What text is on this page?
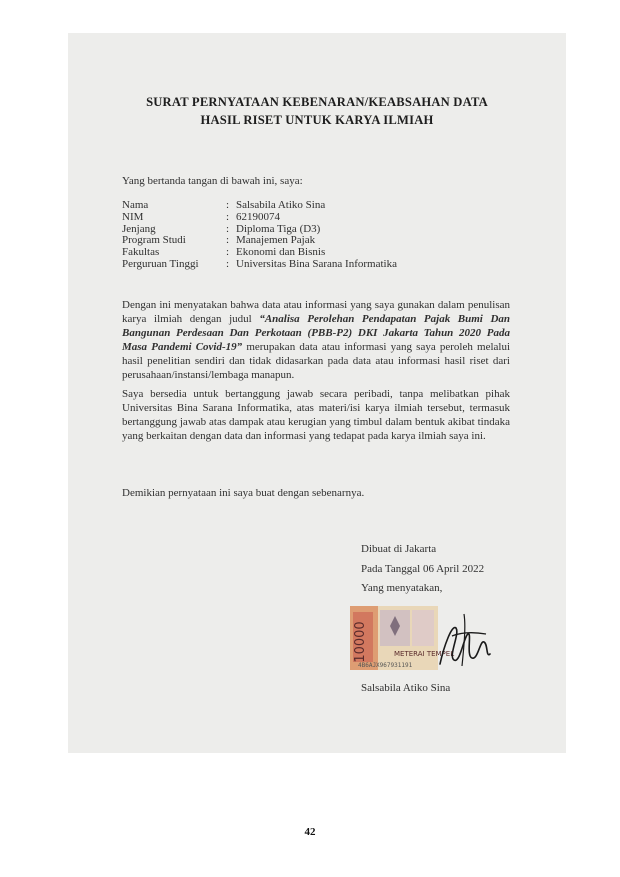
SURAT PERNYATAAN KEBENARAN/KEABSAHAN DATA
HASIL RISET UNTUK KARYA ILMIAH
Yang bertanda tangan di bawah ini, saya:
Nama	: Salsabila Atiko Sina
NIM	: 62190074
Jenjang	: Diploma Tiga (D3)
Program Studi	: Manajemen Pajak
Fakultas	: Ekonomi dan Bisnis
Perguruan Tinggi : Universitas Bina Sarana Informatika
Dengan ini menyatakan bahwa data atau informasi yang saya gunakan dalam penulisan karya ilmiah dengan judul “Analisa Perolehan Pendapatan Pajak Bumi Dan Bangunan Perdesaan Dan Perkotaan (PBB-P2) DKI Jakarta Tahun 2020 Pada Masa Pandemi Covid-19” merupakan data atau informasi yang saya peroleh melalui hasil penelitian sendiri dan tidak didasarkan pada data atau informasi hasil riset dari perusahaan/instansi/lembaga manapun.
Saya bersedia untuk bertanggung jawab secara peribadi, tanpa melibatkan pihak Universitas Bina Sarana Informatika, atas materi/isi karya ilmiah tersebut, termasuk bertanggung jawab atas dampak atau kerugian yang timbul dalam bentuk akibat tindaka yang berkaitan dengan data dan informasi yang tedapat pada karya ilmiah saya ini.
Demikian pernyataan ini saya buat dengan sebenarnya.
Dibuat di Jakarta
Pada Tanggal 06 April 2022
Yang menyatakan,
10000	METERAI TEMPEL
4B6AJX967931191
Salsabila Atiko Sina
42
